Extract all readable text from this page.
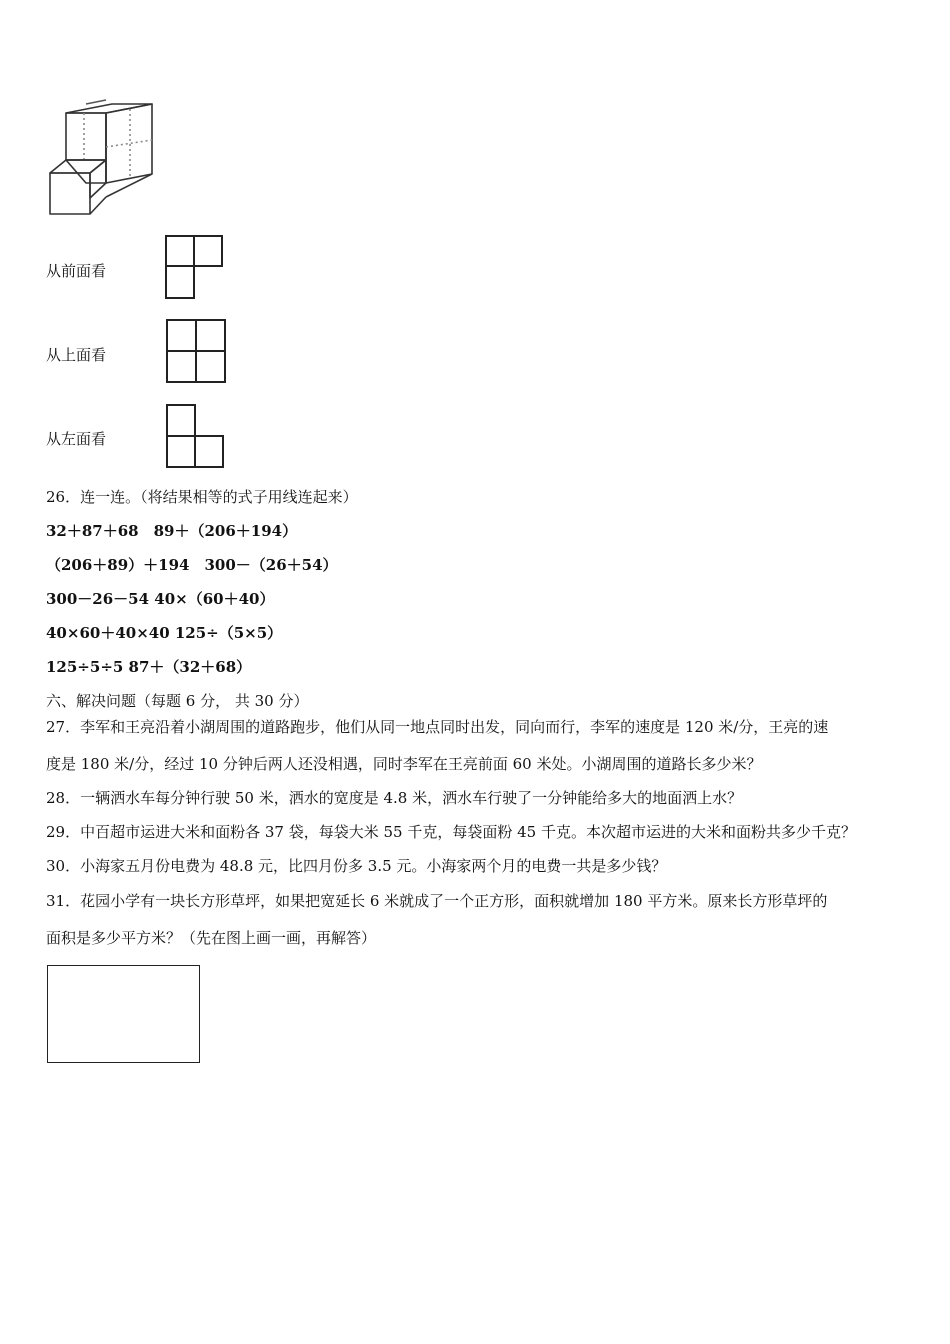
从前面看
从上面看
从左面看
26．连一连。（将结果相等的式子用线连起来）
32＋87＋68　89＋（206＋194）
（206＋89）＋194　300－（26＋54）
300－26－54 40×（60＋40）
40×60＋40×40 125÷（5×5）
125÷5÷5 87＋（32＋68）
六、解决问题（每题 6 分， 共 30 分）
27．李军和王亮沿着小湖周围的道路跑步，他们从同一地点同时出发，同向而行，李军的速度是 120 米/分，王亮的速
度是 180 米/分，经过 10 分钟后两人还没相遇，同时李军在王亮前面 60 米处。小湖周围的道路长多少米？
28．一辆洒水车每分钟行驶 50 米，洒水的宽度是 4.8 米，洒水车行驶了一分钟能给多大的地面洒上水？
29．中百超市运进大米和面粉各 37 袋，每袋大米 55 千克，每袋面粉 45 千克。本次超市运进的大米和面粉共多少千克？
30．小海家五月份电费为 48.8 元，比四月份多 3.5 元。小海家两个月的电费一共是多少钱？
31．花园小学有一块长方形草坪，如果把宽延长 6 米就成了一个正方形，面积就增加 180 平方米。原来长方形草坪的
面积是多少平方米？（先在图上画一画，再解答）
